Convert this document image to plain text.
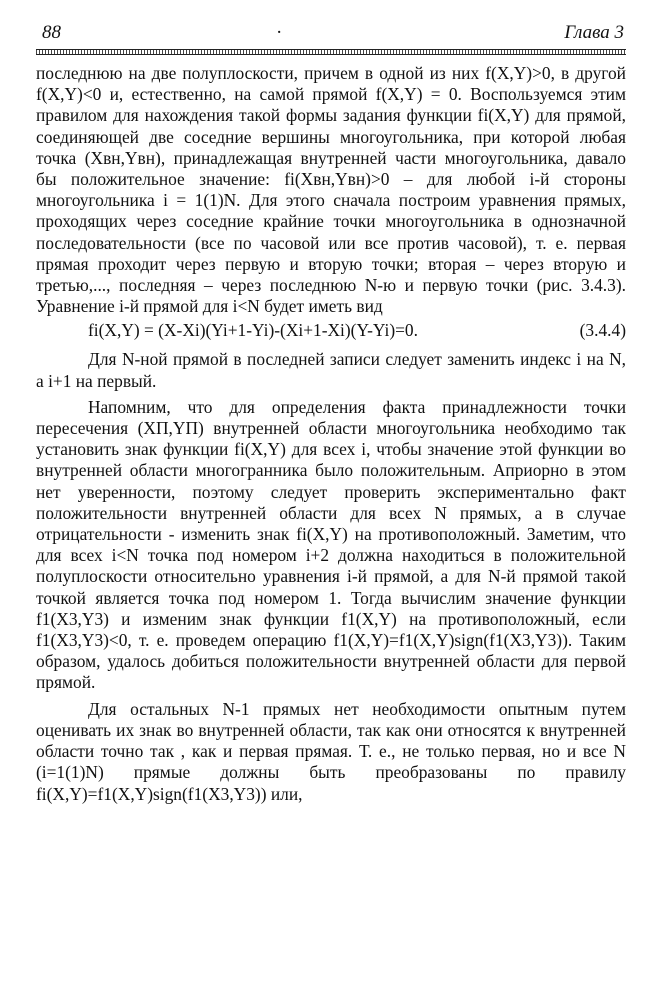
88	·	Глава 3

последнюю на две полуплоскости, причем в одной из них f(X,Y)>0, в другой f(X,Y)<0 и, естественно, на самой прямой f(X,Y) = 0. Воспользуемся этим правилом для нахождения такой формы задания функции fi(X,Y) для прямой, соединяющей две соседние вершины многоугольника, при которой любая точка (Xвн,Yвн), принадлежащая внутренней части многоугольника, давало бы положительное значение: fi(Xвн,Yвн)>0 – для любой i-й стороны многоугольника i = 1(1)N. Для этого сначала построим уравнения прямых, проходящих через соседние крайние точки многоугольника в однозначной последовательности (все по часовой или все против часовой), т. е. первая прямая проходит через первую и вторую точки; вторая – через вторую и третью,..., последняя – через последнюю N-ю и первую точки (рис. 3.4.3). Уравнение i-й прямой для i<N будет иметь вид

fi(X,Y) = (X-Xi)(Yi+1-Yi)-(Xi+1-Xi)(Y-Yi)=0.	(3.4.4)

Для N-ной прямой в последней записи следует заменить индекс i на N, а i+1 на первый.

Напомним, что для определения факта принадлежности точки пересечения (XП,YП) внутренней области многоугольника необходимо так установить знак функции fi(X,Y) для всех i, чтобы значение этой функции во внутренней области многогранника было положительным. Априорно в этом нет уверенности, поэтому следует проверить экспериментально факт положительности внутренней области для всех N прямых, а в случае отрицательности - изменить знак fi(X,Y) на противоположный. Заметим, что для всех i<N точка под номером i+2 должна находиться в положительной полуплоскости относительно уравнения i-й прямой, а для N-й прямой такой точкой является точка под номером 1. Тогда вычислим значение функции f1(X3,Y3) и изменим знак функции f1(X,Y) на противоположный, если f1(X3,Y3)<0, т. е. проведем операцию f1(X,Y)=f1(X,Y)sign(f1(X3,Y3)). Таким образом, удалось добиться положительности внутренней области для первой прямой.

Для остальных N-1 прямых нет необходимости опытным путем оценивать их знак во внутренней области, так как они относятся к внутренней области точно так , как и первая прямая. Т. е., не только первая, но и все N (i=1(1)N) прямые должны быть преобразованы по правилу fi(X,Y)=f1(X,Y)sign(f1(X3,Y3)) или,
